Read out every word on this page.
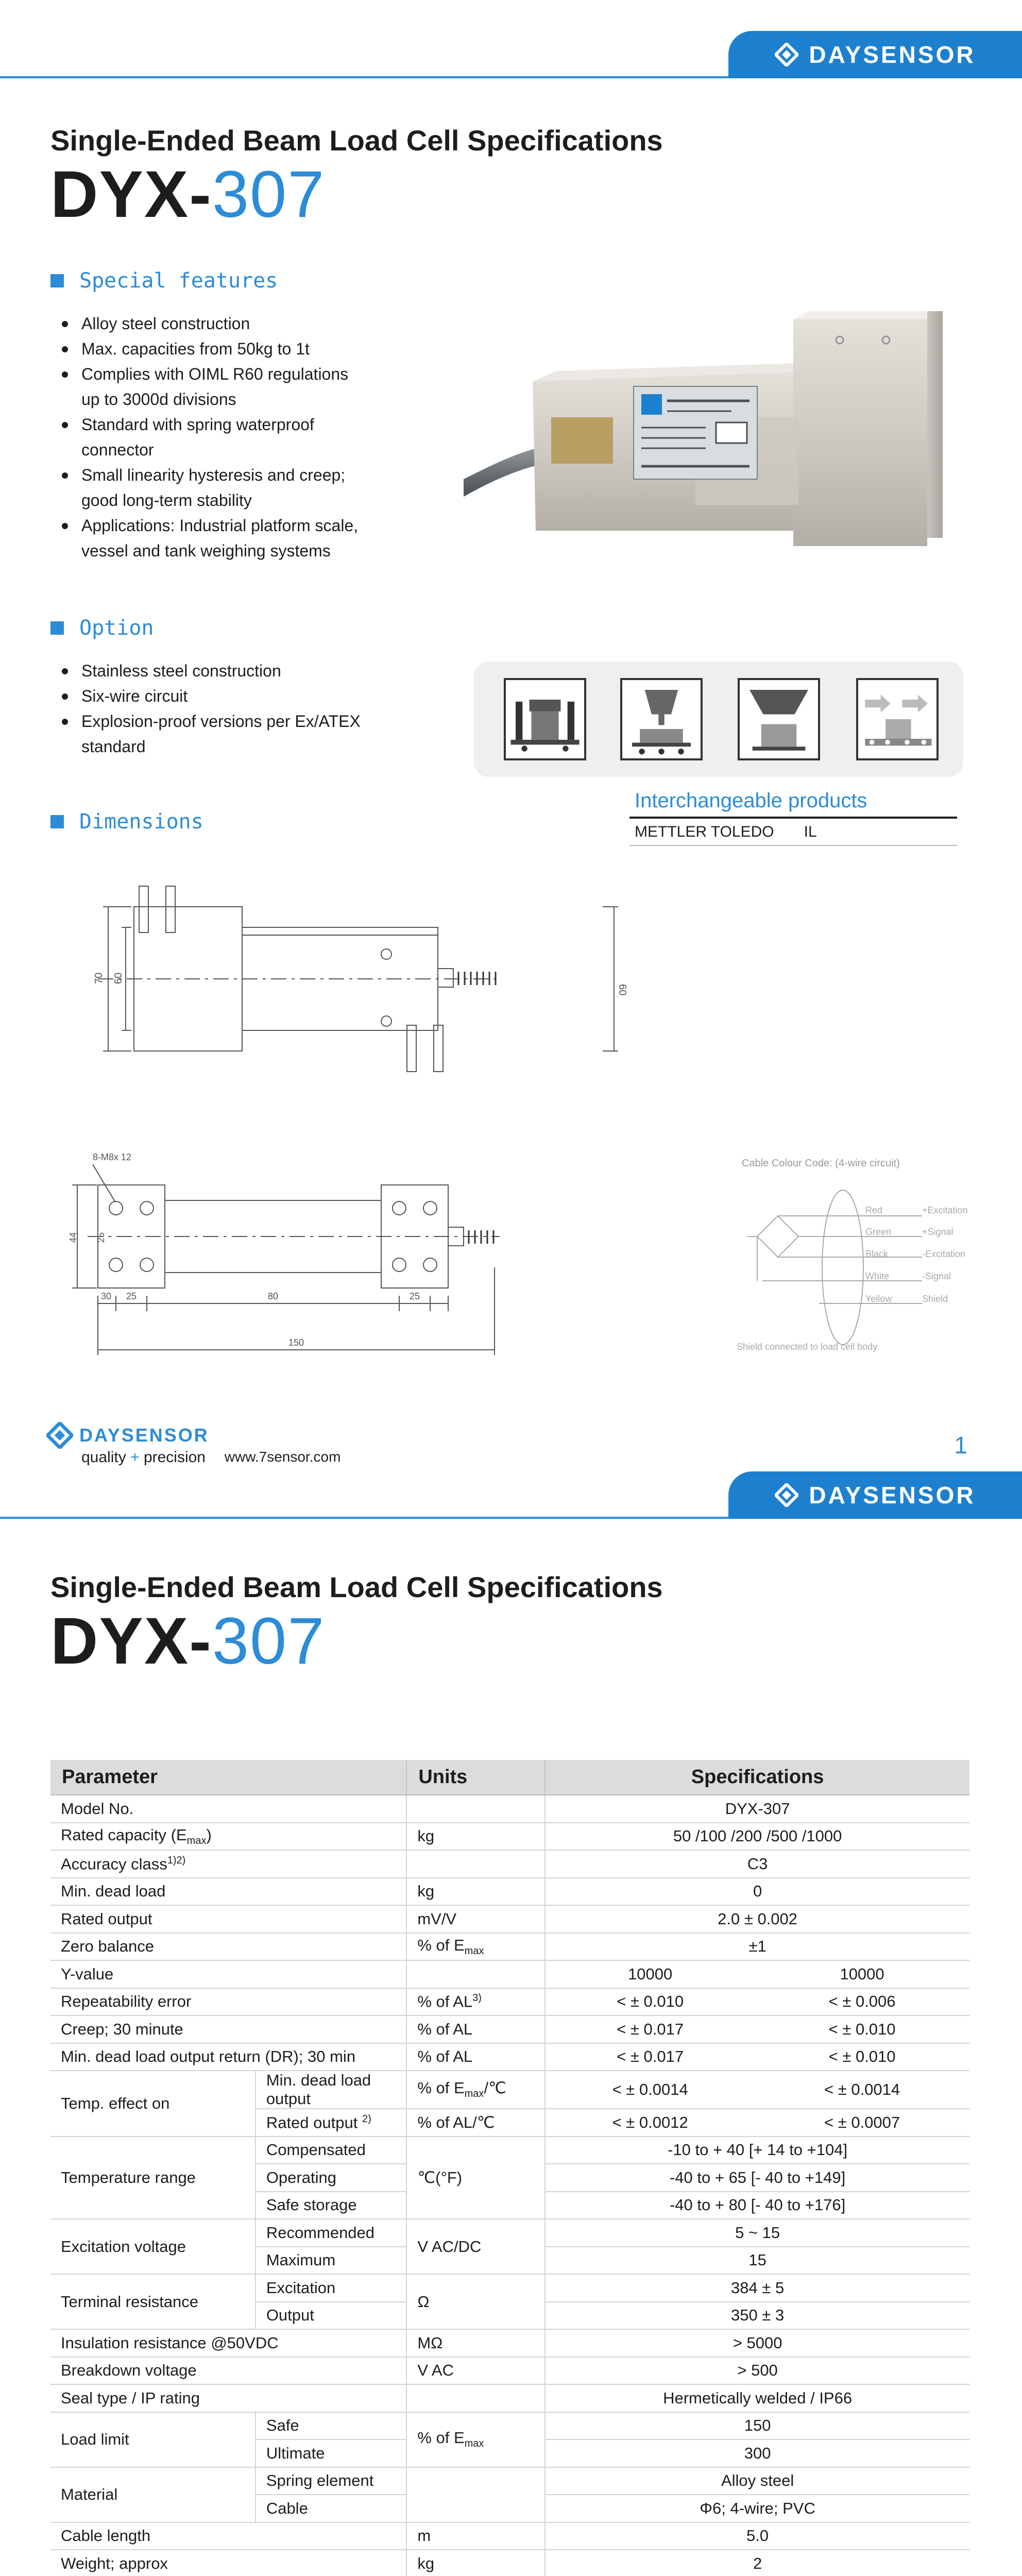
DAYSENSOR
Single-Ended Beam Load Cell Specifications
DYX-307
Special features
Alloy steel construction
Max. capacities from 50kg to 1t
Complies with OIML R60 regulations
up to 3000d divisions
Standard with spring waterproof
connector
Small linearity hysteresis and creep;
good long-term stability
Applications: Industrial platform scale,
vessel and tank weighing systems
Option
Stainless steel construction
Six-wire circuit
Explosion-proof versions per Ex/ATEX
standard
Dimensions
Interchangeable products
METTLER TOLEDO IL
70 60
60
8-M8x 12
44 25
30 25	80	25
150
Cable Colour Code: (4-wire circuit)
Red	+Excitation
Green	+Signal
Black	-Excitation
White	-Signal
Yellow	Shield
Shield connected to load cell body
DAYSENSOR
quality + precision www.7sensor.com	1
DAYSENSOR
Single-Ended Beam Load Cell Specifications
DYX-307
Parameter		Units	Specifications	
Model No.			DYX-307	
Rated capacity $(E_{max})$		kg	50 /100 /200 /500 /1000	
Accuracy class$^{1)2)}$			C3	
Min. dead load		kg	0	
Rated output		mV/V	2.0 ± 0.002	
Zero balance		% of $E_{max}$	±1	
Y-value			10000	10000
Repeatability error		% of $AL^{3)}$	< ± 0.010	< ± 0.006
Creep; 30 minute		% of AL	< ± 0.017	< ± 0.010
Min. dead load output return (DR); 30 min		% of AL	< ± 0.017	< ± 0.010
Temp. effect on	Min. dead load output	% of $E_{max}/℃$	< ± 0.0014	< ± 0.0014
	Rated output $^{2)}$	% of AL/℃	< ± 0.0012	< ± 0.0007
Temperature range	Compensated	℃(°F)	-10 to + 40 [+ 14 to +104]	
	Operating		-40 to + 65 [- 40 to +149]	
	Safe storage		-40 to + 80 [- 40 to +176]	
Excitation voltage	Recommended	V AC/DC	5 ~ 15	
	Maximum		15	
Terminal resistance	Excitation	Ω	384 ± 5	
	Output		350 ± 3	
Insulation resistance @50VDC		MΩ	> 5000	
Breakdown voltage		V AC	> 500	
Seal type / IP rating			Hermetically welded / IP66	
Load limit	Safe	% of $E_{max}$	150	
	Ultimate		300	
Material	Spring element		Alloy steel	
	Cable		Φ6; 4-wire; PVC	
Cable length		m	5.0	
Weight; approx		kg	2	
